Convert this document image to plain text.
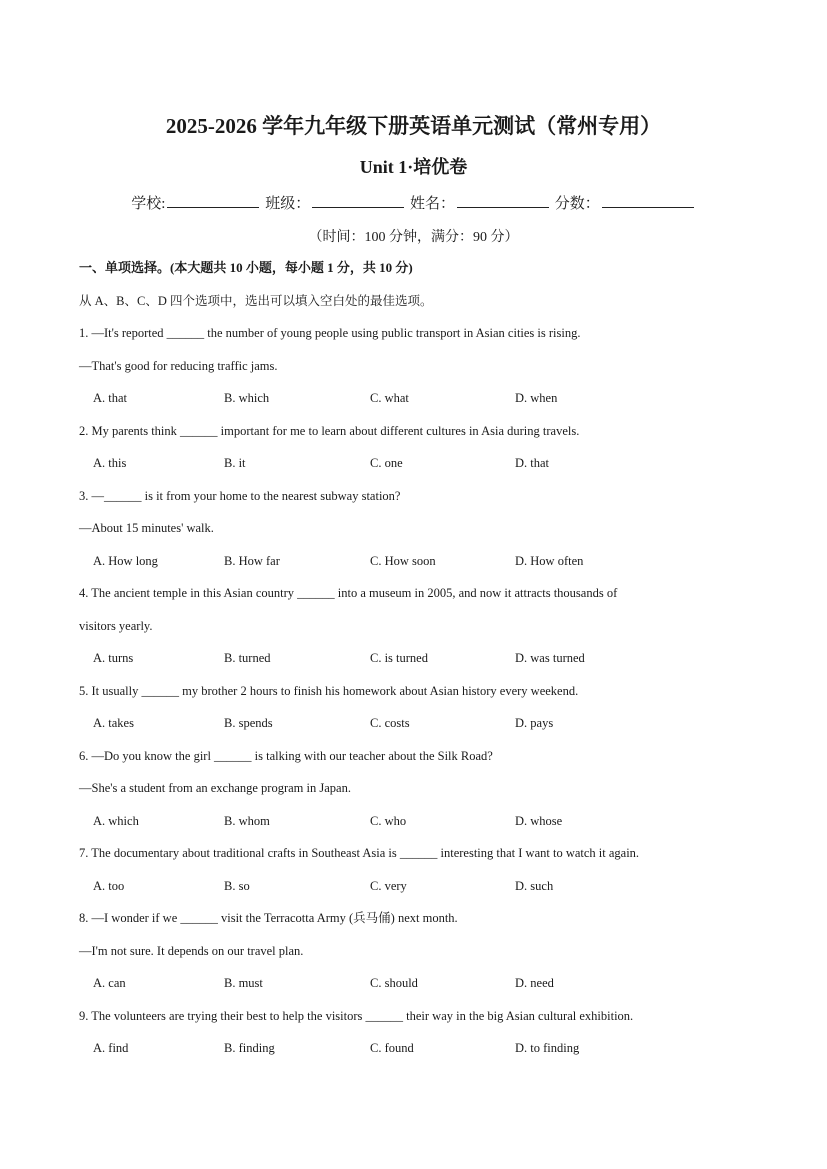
2025-2026 学年九年级下册英语单元测试（常州专用）
Unit 1·培优卷
学校:	班级：	姓名：	分数：
（时间：100 分钟，满分：90 分）
一、单项选择。(本大题共 10 小题，每小题 1 分，共 10 分)
从 A、B、C、D 四个选项中，选出可以填入空白处的最佳选项。
1. —It's reported ______ the number of young people using public transport in Asian cities is rising.
—That's good for reducing traffic jams.
A. that	B. which	C. what	D. when
2. My parents think ______ important for me to learn about different cultures in Asia during travels.
A. this	B. it	C. one	D. that
3. —______ is it from your home to the nearest subway station?
—About 15 minutes' walk.
A. How long	B. How far	C. How soon	D. How often
4. The ancient temple in this Asian country ______ into a museum in 2005, and now it attracts thousands of
visitors yearly.
A. turns	B. turned	C. is turned	D. was turned
5. It usually ______ my brother 2 hours to finish his homework about Asian history every weekend.
A. takes	B. spends	C. costs	D. pays
6. —Do you know the girl ______ is talking with our teacher about the Silk Road?
—She's a student from an exchange program in Japan.
A. which	B. whom	C. who	D. whose
7. The documentary about traditional crafts in Southeast Asia is ______ interesting that I want to watch it again.
A. too	B. so	C. very	D. such
8. —I wonder if we ______ visit the Terracotta Army (兵马俑) next month.
—I'm not sure. It depends on our travel plan.
A. can	B. must	C. should	D. need
9. The volunteers are trying their best to help the visitors ______ their way in the big Asian cultural exhibition.
A. find	B. finding	C. found	D. to finding
